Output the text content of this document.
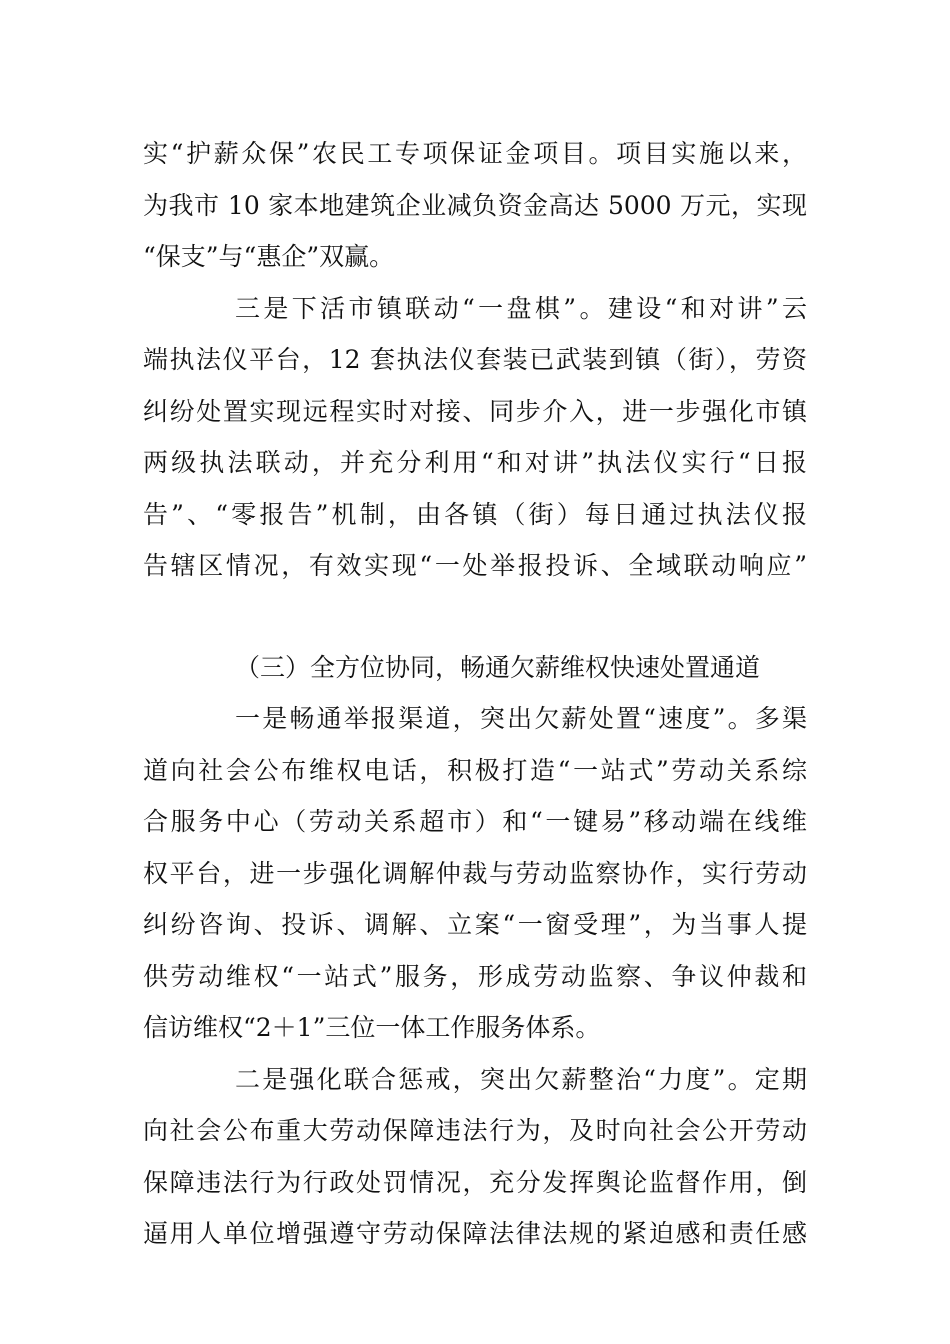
实“护薪众保”农民工专项保证金项目。项目实施以来，
为我市 10 家本地建筑企业减负资金高达 5000 万元，实现
“保支”与“惠企”双赢。
三是下活市镇联动“一盘棋”。建设“和对讲”云
端执法仪平台，12 套执法仪套装已武装到镇（街），劳资
纠纷处置实现远程实时对接、同步介入，进一步强化市镇
两级执法联动，并充分利用“和对讲”执法仪实行“日报
告”、“零报告”机制，由各镇（街）每日通过执法仪报
告辖区情况，有效实现“一处举报投诉、全域联动响应”
（三）全方位协同，畅通欠薪维权快速处置通道
一是畅通举报渠道，突出欠薪处置“速度”。多渠
道向社会公布维权电话，积极打造“一站式”劳动关系综
合服务中心（劳动关系超市）和“一键易”移动端在线维
权平台，进一步强化调解仲裁与劳动监察协作，实行劳动
纠纷咨询、投诉、调解、立案“一窗受理”，为当事人提
供劳动维权“一站式”服务，形成劳动监察、争议仲裁和
信访维权“2＋1”三位一体工作服务体系。
二是强化联合惩戒，突出欠薪整治“力度”。定期
向社会公布重大劳动保障违法行为，及时向社会公开劳动
保障违法行为行政处罚情况，充分发挥舆论监督作用，倒
逼用人单位增强遵守劳动保障法律法规的紧迫感和责任感
